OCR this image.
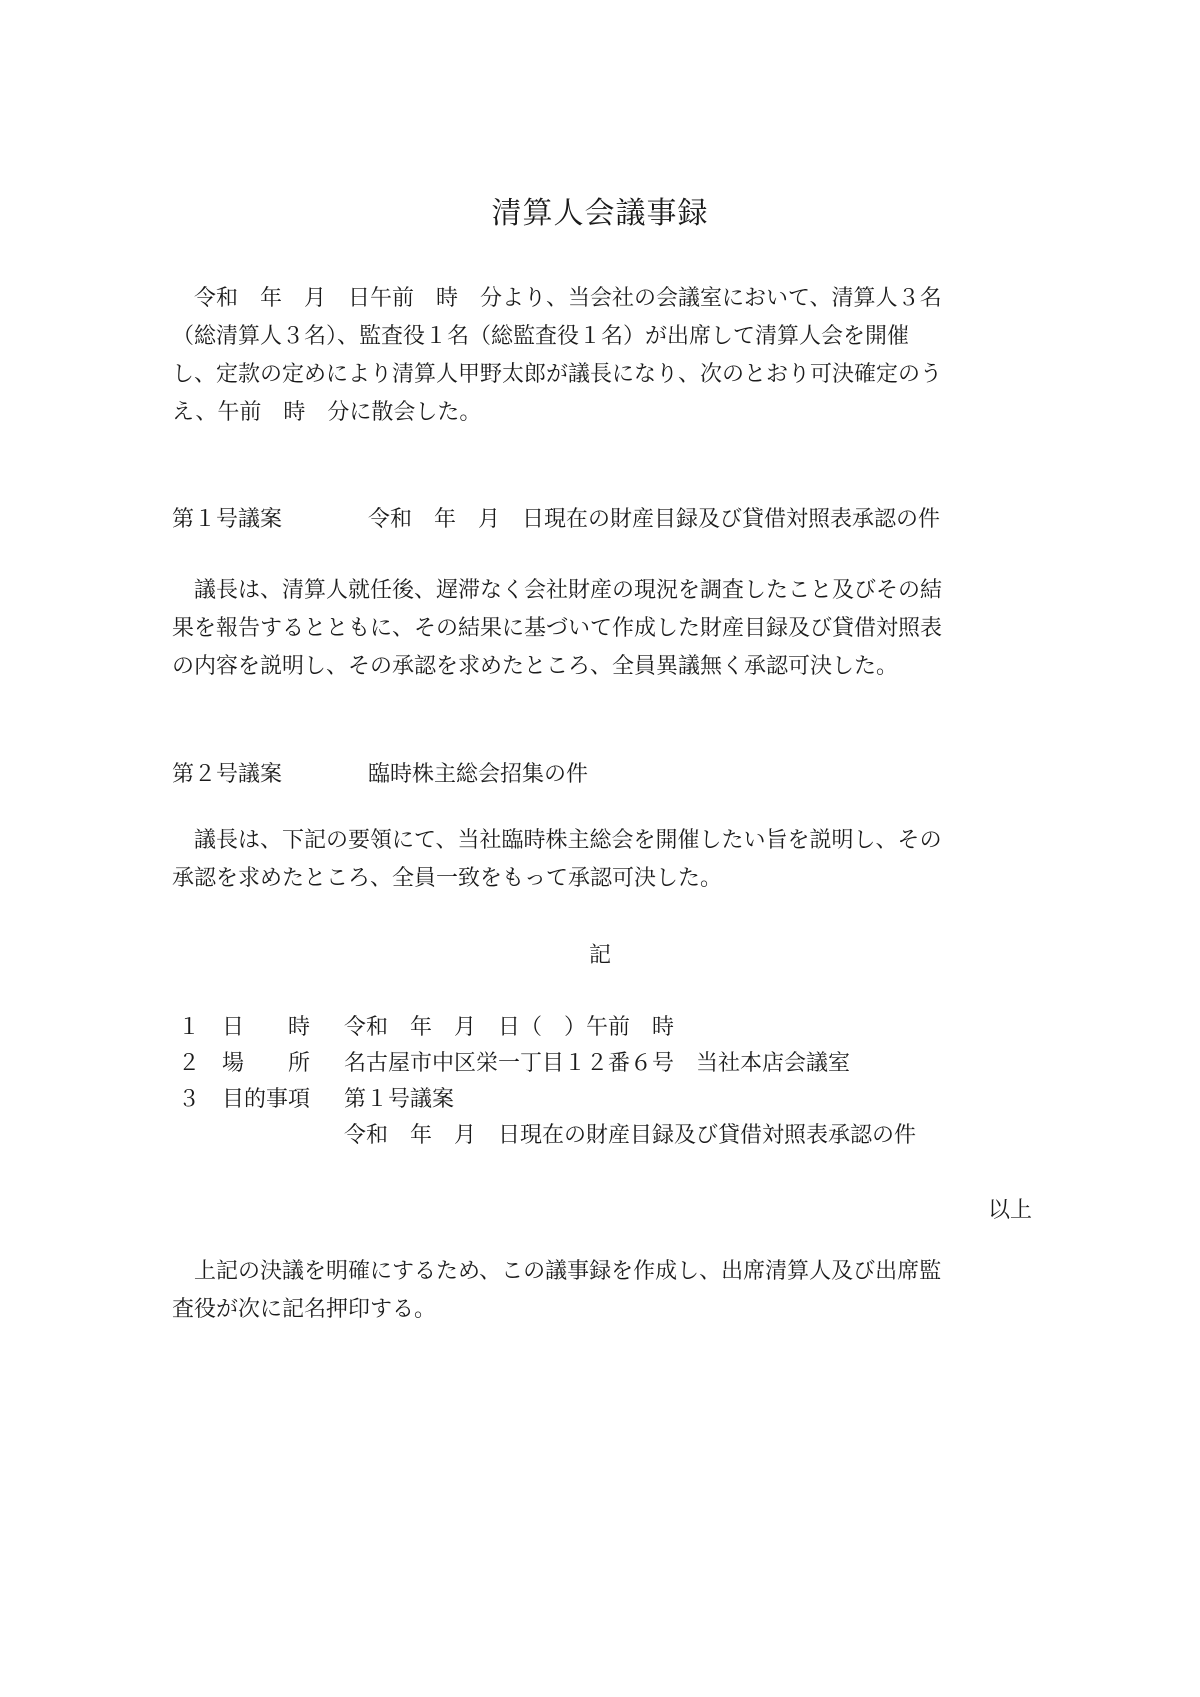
清算人会議事録

　令和　年　月　日午前　時　分より、当会社の会議室において、清算人３名
（総清算人３名）、監査役１名（総監査役１名）が出席して清算人会を開催
し、定款の定めにより清算人甲野太郎が議長になり、次のとおり可決確定のう
え、午前　時　分に散会した。

第１号議案	令和　年　月　日現在の財産目録及び貸借対照表承認の件

　議長は、清算人就任後、遅滞なく会社財産の現況を調査したこと及びその結
果を報告するとともに、その結果に基づいて作成した財産目録及び貸借対照表
の内容を説明し、その承認を求めたところ、全員異議無く承認可決した。

第２号議案	臨時株主総会招集の件

　議長は、下記の要領にて、当社臨時株主総会を開催したい旨を説明し、その
承認を求めたところ、全員一致をもって承認可決した。

記
１ 日　　時	令和　年　月　日（　）午前　時
２ 場　　所	名古屋市中区栄一丁目１２番６号　当社本店会議室
３ 目的事項	第１号議案
令和　年　月　日現在の財産目録及び貸借対照表承認の件
以上

　上記の決議を明確にするため、この議事録を作成し、出席清算人及び出席監
査役が次に記名押印する。
